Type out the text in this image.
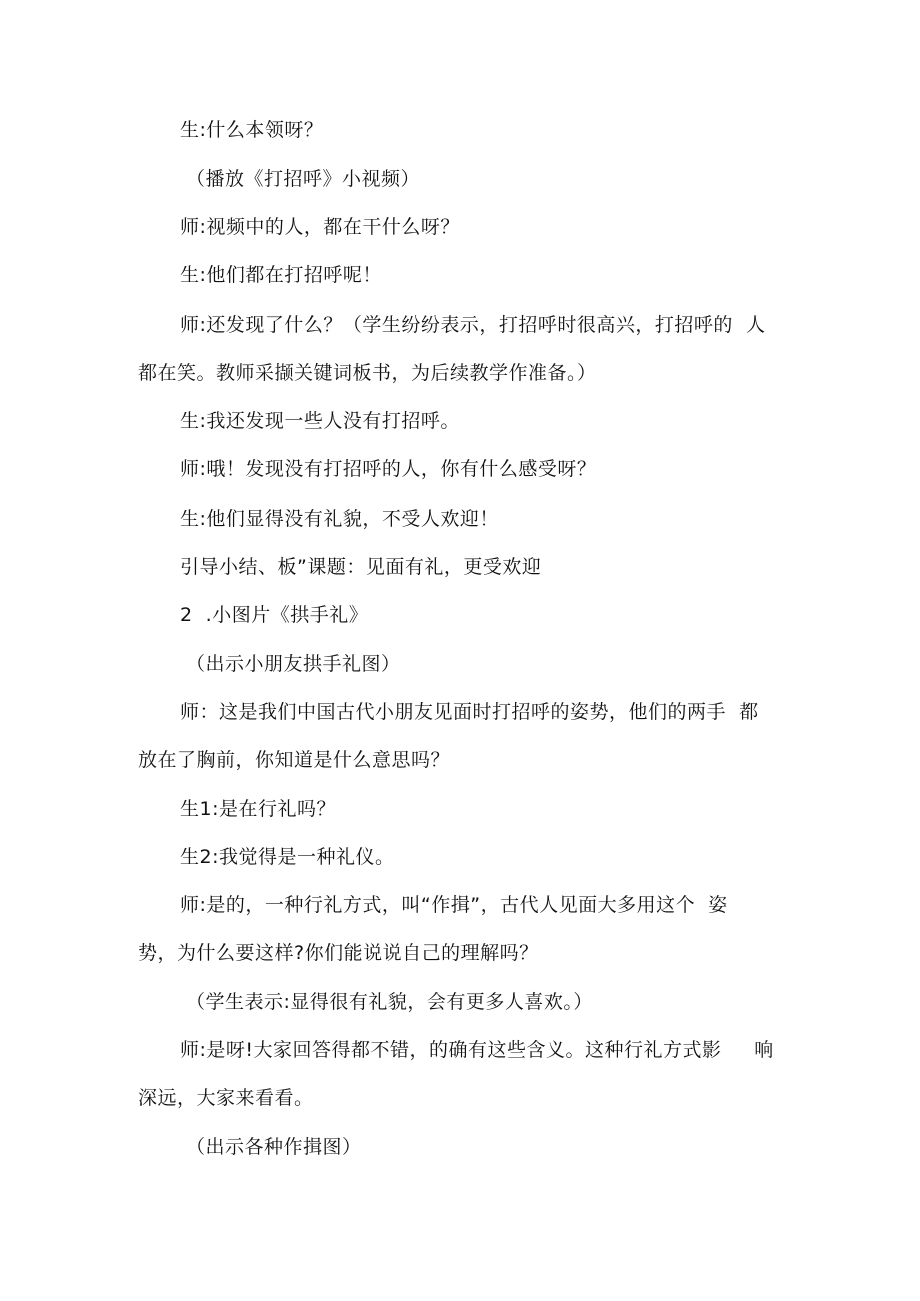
生:什么本领呀？
（播放《打招呼》小视频）
师:视频中的人，都在干什么呀？
生:他们都在打招呼呢！
师:还发现了什么？（学生纷纷表示，打招呼时很高兴，打招呼的  人
都在笑。教师采撷关键词板书，为后续教学作准备。）
生:我还发现一些人没有打招呼。
师:哦！发现没有打招呼的人，你有什么感受呀？
生:他们显得没有礼貌，不受人欢迎！
引导小结、板”课题：见面有礼，更受欢迎
2  .小图片《拱手礼》
（出示小朋友拱手礼图）
师：这是我们中国古代小朋友见面时打招呼的姿势，他们的两手  都
放在了胸前，你知道是什么意思吗？
生1:是在行礼吗？
生2:我觉得是一种礼仪。
师:是的，一种行礼方式，叫“作揖”，古代人见面大多用这个  姿
势，为什么要这样?你们能说说自己的理解吗？
（学生表示:显得很有礼貌，会有更多人喜欢。）
师:是呀!大家回答得都不错，的确有这些含义。这种行礼方式影     响
深远，大家来看看。
（出示各种作揖图）
